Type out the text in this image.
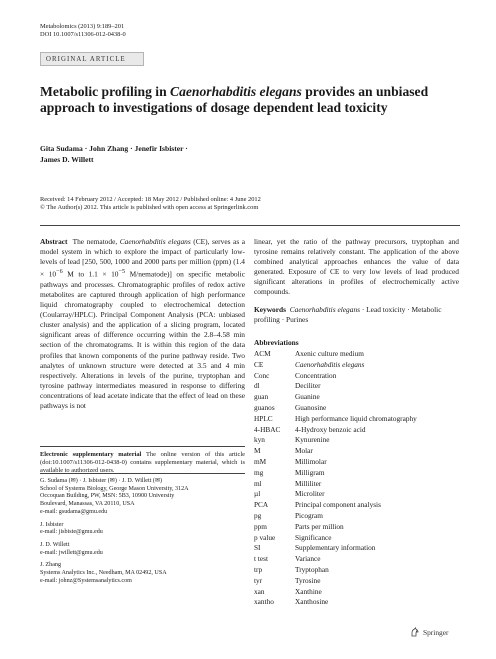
Metabolomics (2013) 9:189–201
DOI 10.1007/s11306-012-0438-0
ORIGINAL ARTICLE
Metabolic profiling in Caenorhabditis elegans provides an unbiased approach to investigations of dosage dependent lead toxicity
Gita Sudama · John Zhang · Jenefir Isbister ·
James D. Willett
Received: 14 February 2012 / Accepted: 18 May 2012 / Published online: 4 June 2012
© The Author(s) 2012. This article is published with open access at Springerlink.com
Abstract The nematode, Caenorhabditis elegans (CE), serves as a model system in which to explore the impact of particularly low-levels of lead [250, 500, 1000 and 2000 parts per million (ppm) ($1.4 \times 10^{-6}$ M to $1.1 \times 10^{-5}$ M/nematode)] on specific metabolic pathways and processes. Chromatographic profiles of redox active metabolites are captured through application of high performance liquid chromatography coupled to electrochemical detection (Coularray/HPLC). Principal Component Analysis (PCA: unbiased cluster analysis) and the application of a slicing program, located significant areas of difference occurring within the 2.8–4.58 min section of the chromatograms. It is within this region of the data profiles that known components of the purine pathway reside. Two analytes of unknown structure were detected at 3.5 and 4 min respectively. Alterations in levels of the purine, tryptophan and tyrosine pathway intermediates measured in response to differing concentrations of lead acetate indicate that the effect of lead on these pathways is not
Electronic supplementary material The online version of this article (doi:10.1007/s11306-012-0438-0) contains supplementary material, which is available to authorized users.

G. Sudama (✉) · J. Isbister (✉) · J. D. Willett (✉)
School of Systems Biology, George Mason University, 312A
Occoquan Building, PW, MSN: 5B3, 10900 University
Boulevard, Manassas, VA 20110, USA
e-mail: gsudama@gmu.edu

J. Isbister
e-mail: jisbiste@gmu.edu

J. D. Willett
e-mail: jwillett@gmu.edu

J. Zhang
Systems Analytics Inc., Needham, MA 02492, USA
e-mail: johnz@Systemsanalytics.com

linear, yet the ratio of the pathway precursors, tryptophan and tyrosine remains relatively constant. The application of the above combined analytical approaches enhances the value of data generated. Exposure of CE to very low levels of lead produced significant alterations in profiles of electrochemically active compounds.
Keywords Caenorhabditis elegans · Lead toxicity · Metabolic profiling · Purines
Abbreviations
ACM	Axenic culture medium
CE	Caenorhabditis elegans
Conc	Concentration
dl	Deciliter
guan	Guanine
guanos	Guanosine
HPLC	High performance liquid chromatography
4-HBAC	4-Hydroxy benzoic acid
kyn	Kynurenine
M	Molar
mM	Millimolar
mg	Milligram
ml	Milliliter
µl	Microliter
PCA	Principal component analysis
pg	Picogram
ppm	Parts per million
p value	Significance
SI	Supplementary information
t test	Variance
trp	Tryptophan
tyr	Tyrosine
xan	Xanthine
xantho	Xanthosine
Springer
